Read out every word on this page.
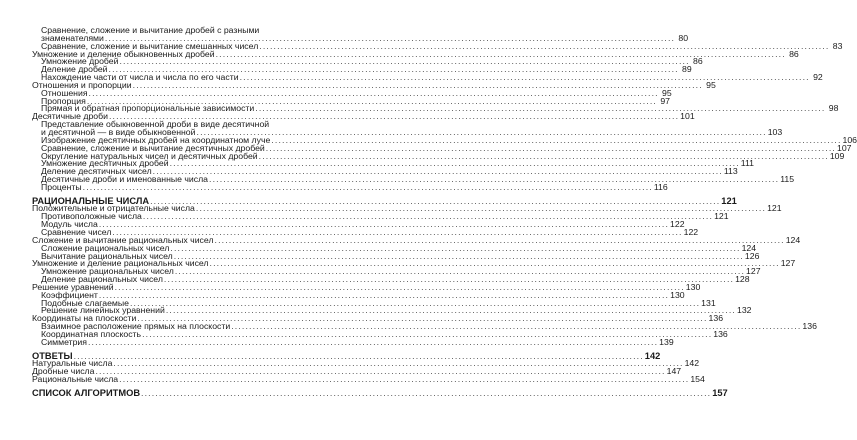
Сравнение, сложение и вычитание дробей с разными
знаменателями .....	80
Сравнение, сложение и вычитание смешанных чисел .....	83
Умножение и деление обыкновенных дробей .....	86
Умножение дробей .....	86
Деление дробей .....	89
Нахождение части от числа и числа по его части .....	92
Отношения и пропорции .....	95
Отношения .....	95
Пропорция .....	97
Прямая и обратная пропорциональные зависимости .....	98
Десятичные дроби .....	101
Представление обыкновенной дроби в виде десятичной
и десятичной — в виде обыкновенной .....	103
Изображение десятичных дробей на координатном луче .....	106
Сравнение, сложение и вычитание десятичных дробей .....	107
Округление натуральных чисел и десятичных дробей .....	109
Умножение десятичных дробей .....	111
Деление десятичных чисел .....	113
Десятичные дроби и именованные числа .....	115
Проценты .....	116
РАЦИОНАЛЬНЫЕ ЧИСЛА .....	121
Положительные и отрицательные числа .....	121
Противоположные числа .....	121
Модуль числа .....	122
Сравнение чисел .....	122
Сложение и вычитание рациональных чисел .....	124
Сложение рациональных чисел .....	124
Вычитание рациональных чисел .....	126
Умножение и деление рациональных чисел .....	127
Умножение рациональных чисел .....	127
Деление рациональных чисел .....	128
Решение уравнений .....	130
Коэффициент .....	130
Подобные слагаемые .....	131
Решение линейных уравнений .....	132
Координаты на плоскости .....	136
Взаимное расположение прямых на плоскости .....	136
Координатная плоскость .....	136
Симметрия .....	139
ОТВЕТЫ .....	142
Натуральные числа .....	142
Дробные числа .....	147
Рациональные числа .....	154
СПИСОК АЛГОРИТМОВ .....	157
